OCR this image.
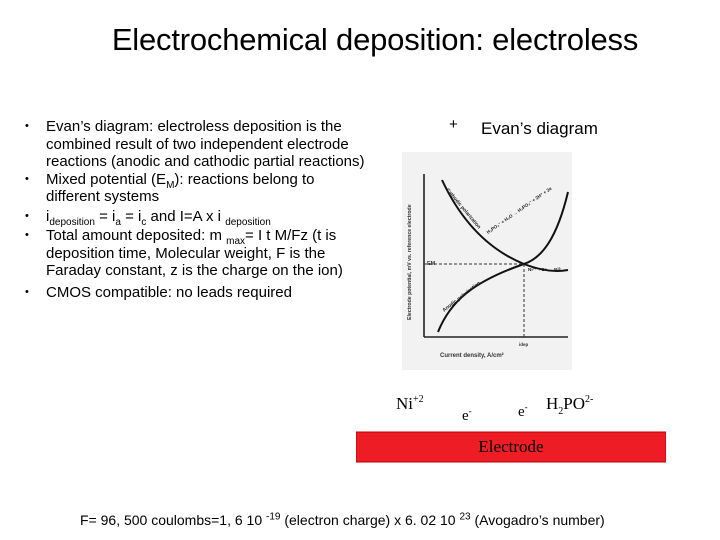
Electrochemical deposition: electroless
• Evan’s diagram: electroless deposition is the combined result of two independent electrode reactions (anodic and cathodic partial reactions)
• Mixed potential $(E_M)$: reactions belong to different systems
• $i_{deposition} = i_a = i_c$ and I=A x i $_{deposition}$
• Total amount deposited: m $_{max}$= I t M/Fz (t is deposition time, Molecular weight, F is the Faraday constant, z is the charge on the ion)
• CMOS compatible: no leads required
+ Evan’s diagram
Electrode potential, mV vs. reference electrode
Current density, A/cm²
EM
idep
Cathodic polarization
Anodic polarization
H₂PO₂⁻ + H₂O → H₂PO₃⁻ + 2H⁺ + 2e
Ni²⁺ + 2e → Ni⁰
$Ni^{+2}$
e-	e- $H_2PO^{2-}$
Electrode
F= 96, 500 coulombs=1, 6 10 $^{-19}$ (electron charge) x 6. 02 10 $^{23}$ (Avogadro’s number)
